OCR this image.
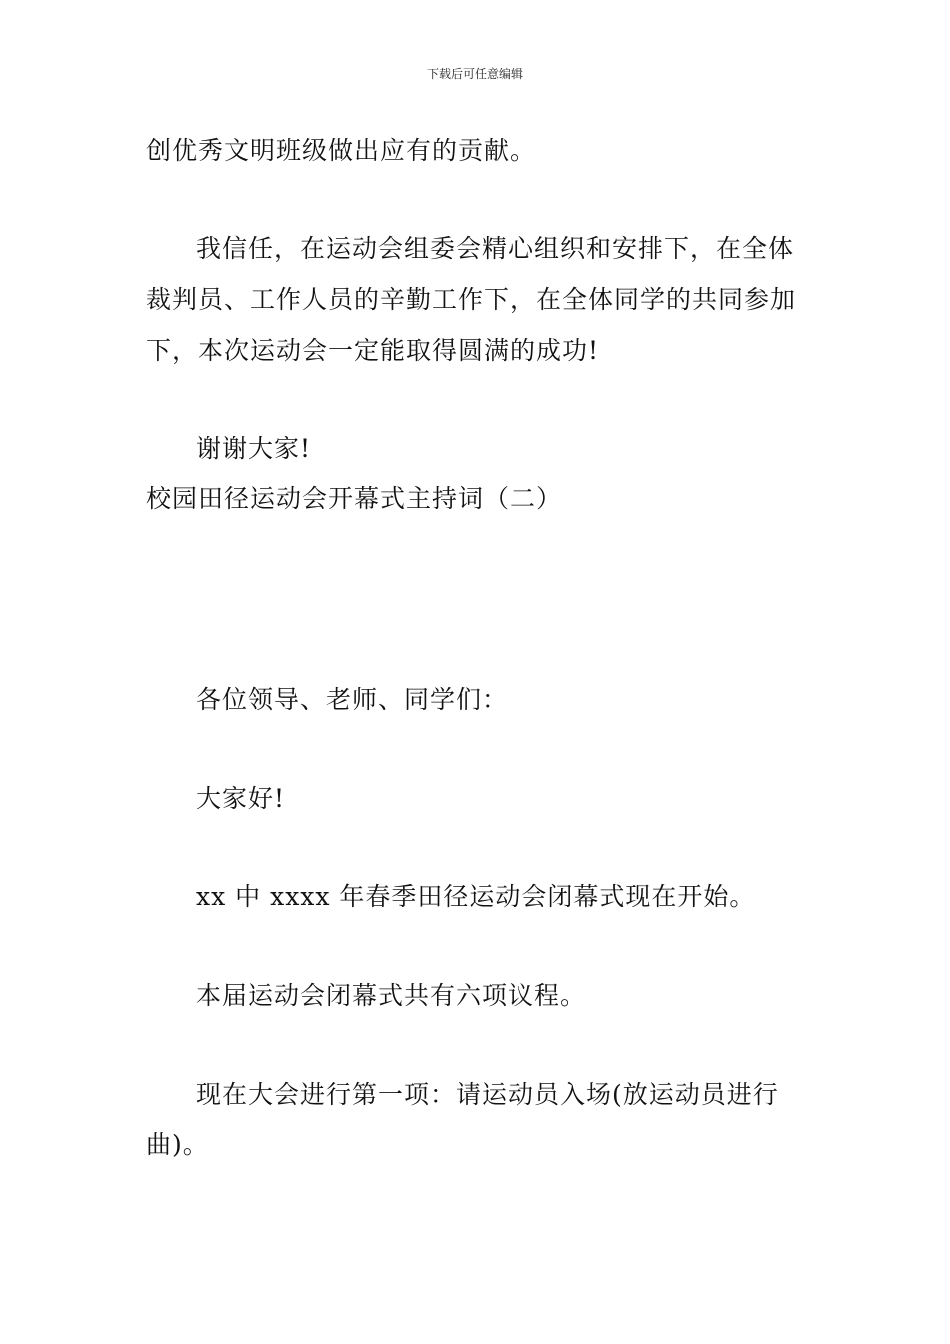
下载后可任意编辑
创优秀文明班级做出应有的贡献。
我信任，在运动会组委会精心组织和安排下，在全体
裁判员、工作人员的辛勤工作下，在全体同学的共同参加
下，本次运动会一定能取得圆满的成功!
谢谢大家!
校园田径运动会开幕式主持词（二）
各位领导、老师、同学们：
大家好!
xx 中 xxxx 年春季田径运动会闭幕式现在开始。
本届运动会闭幕式共有六项议程。
现在大会进行第一项：请运动员入场(放运动员进行
曲)。
